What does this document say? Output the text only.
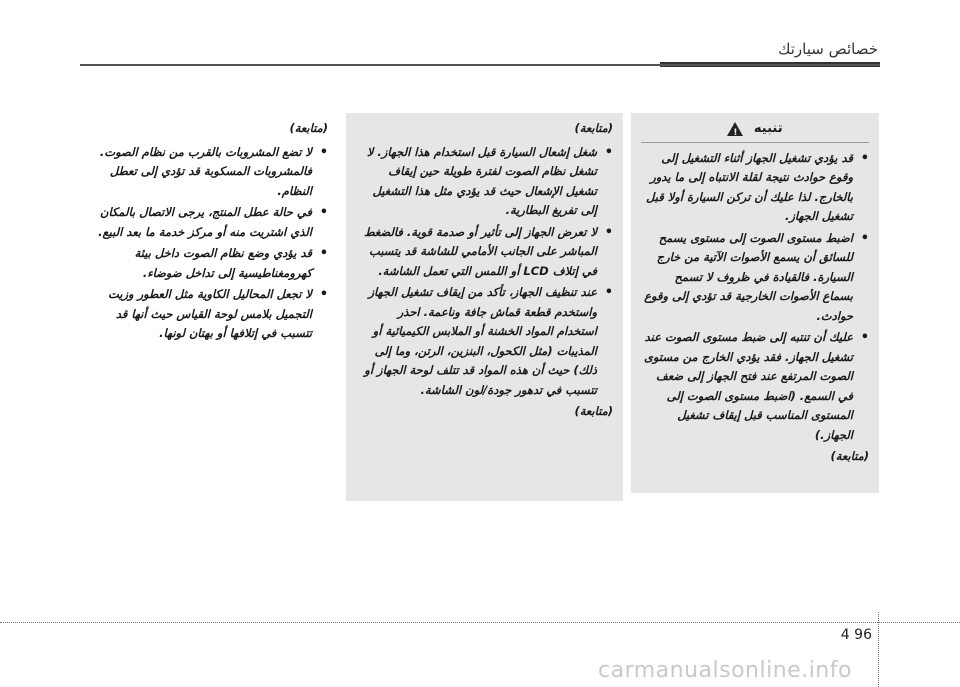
خصائص سيارتك
تنبيه !
• قد يؤدي تشغيل الجهاز أثناء التشغيل إلى وقوع حوادث نتيجة لقلة الانتباه إلى ما يدور بالخارج. لذا عليك أن تركن السيارة أولا قبل تشغيل الجهاز.
• اضبط مستوى الصوت إلى مستوى يسمح للسائق أن يسمع الأصوات الآتية من خارج السيارة. فالقيادة في ظروف لا تسمح بسماع الأصوات الخارجية قد تؤدي إلى وقوع حوادث.
• عليك أن تنتبه إلى ضبط مستوى الصوت عند تشغيل الجهاز. فقد يؤدي الخارج من مستوى الصوت المرتفع عند فتح الجهاز إلى ضعف في السمع. (اضبط مستوى الصوت إلى المستوى المناسب قبل إيقاف تشغيل الجهاز.)
(متابعة)
(متابعة)
• شغل إشعال السيارة قبل استخدام هذا الجهاز. لا تشغل نظام الصوت لفترة طويلة حين إيقاف تشغيل الإشعال حيث قد يؤدي مثل هذا التشغيل إلى تفريغ البطارية.
• لا تعرض الجهاز إلى تأثير أو صدمة قوية. فالضغط المباشر على الجانب الأمامي للشاشة قد يتسبب في إتلاف LCD أو اللمس التي تعمل الشاشة.
• عند تنظيف الجهاز، تأكد من إيقاف تشغيل الجهاز واستخدم قطعة قماش جافة وناعمة. احذر استخدام المواد الخشنة أو الملابس الكيميائية أو المذيبات (مثل الكحول، البنزين، الرتن، وما إلى ذلك) حيث أن هذه المواد قد تتلف لوحة الجهاز أو تتسبب في تدهور جودة/لون الشاشة.
(متابعة)
(متابعة)
• لا تضع المشروبات بالقرب من نظام الصوت. فالمشروبات المسكوبة قد تؤدي إلى تعطل النظام.
• في حالة عطل المنتج، يرجى الاتصال بالمكان الذي اشتريت منه أو مركز خدمة ما بعد البيع.
• قد يؤدي وضع نظام الصوت داخل بيئة كهرومغناطيسية إلى تداخل ضوضاء.
• لا تجعل المحاليل الكاوية مثل العطور وزيت التجميل بلامس لوحة القياس حيث أنها قد تتسبب في إتلافها أو بهتان لونها.
4 96
carmanualsonline.info
